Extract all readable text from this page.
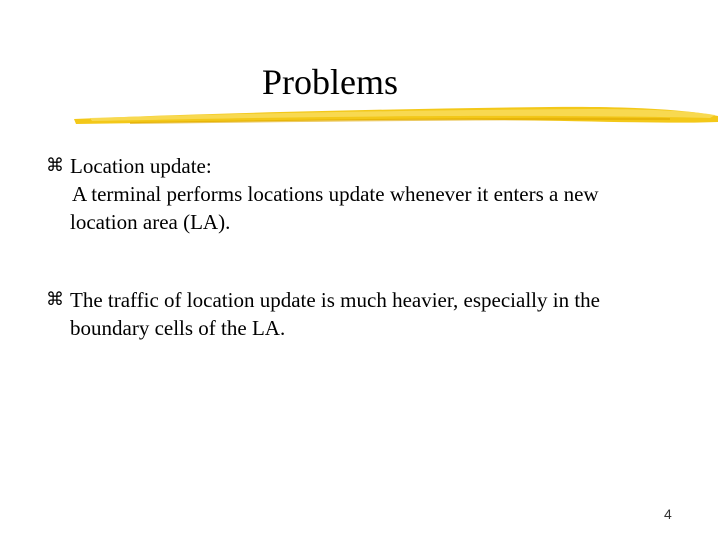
Problems
⌘ Location update:
A terminal performs locations update whenever it enters a new location area (LA).
⌘ The traffic of location update is much heavier, especially in the boundary cells of the LA.
4
